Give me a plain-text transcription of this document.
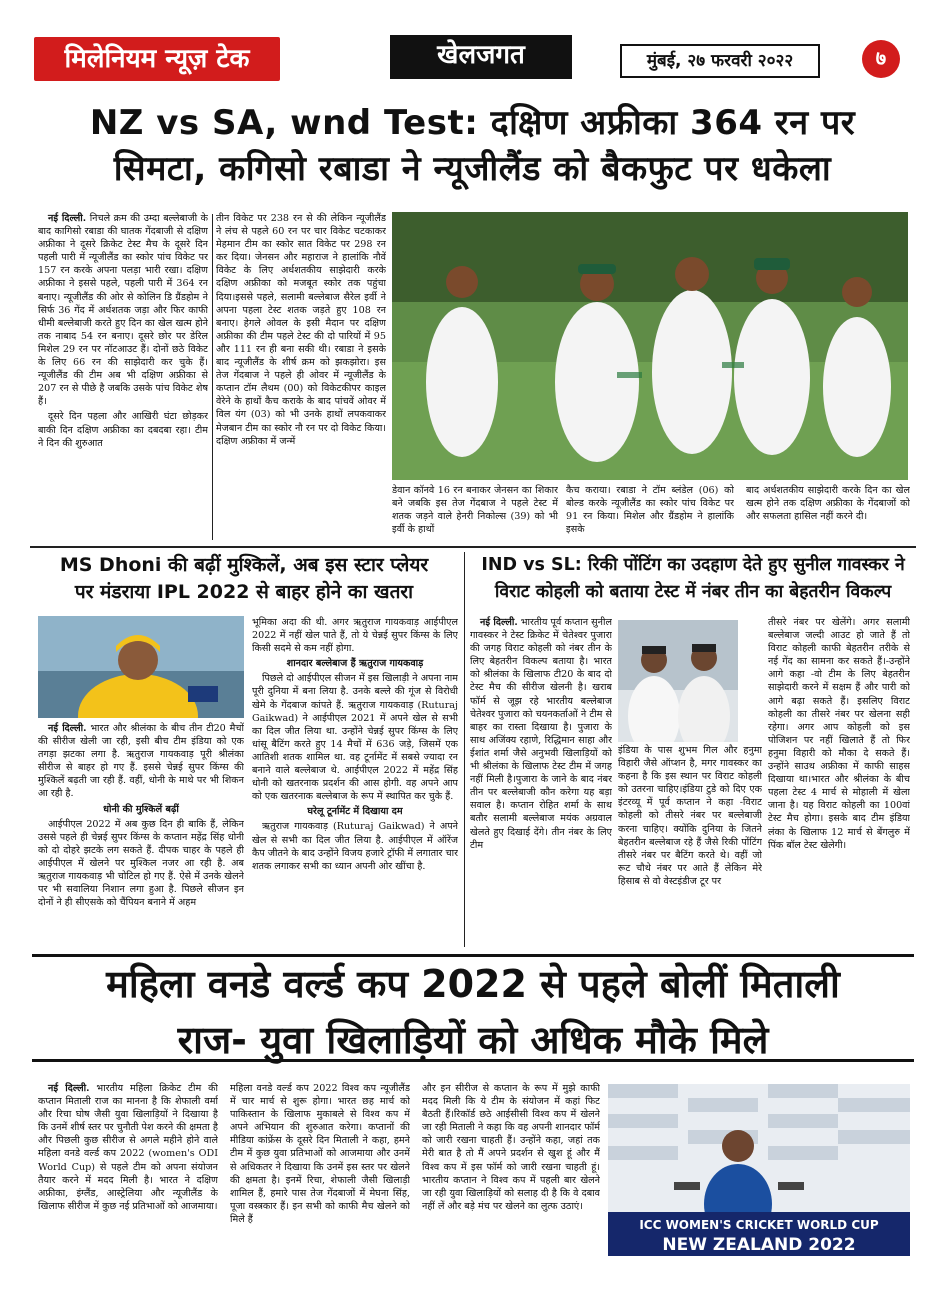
मिलेनियम न्यूज़ टेक	खेलजगत	मुंबई, २७ फरवरी २०२२	७
NZ vs SA, wnd Test: दक्षिण अफ्रीका 364 रन पर
सिमटा, कगिसो रबाडा ने न्यूजीलैंड को बैकफुट पर धकेला

नई दिल्ली. निचले क्रम की उम्दा बल्लेबाजी के बाद कागिसो रबाडा की घातक गेंदबाजी से दक्षिण अफ्रीका ने दूसरे क्रिकेट टेस्ट मैच के दूसरे दिन पहली पारी में न्यूजीलैंड का स्कोर पांच विकेट पर 157 रन करके अपना पलड़ा भारी रखा। दक्षिण अफ्रीका ने इससे पहले, पहली पारी में 364 रन बनाए। न्यूजीलैंड की ओर से कोलिन डि ग्रैंडहोम ने सिर्फ 36 गेंद में अर्धशतक जड़ा और फिर काफी धीमी बल्लेबाजी करते हुए दिन का खेल खत्म होने तक नाबाद 54 रन बनाए। दूसरे छोर पर डेरिल मिशेल 29 रन पर नॉटआउट हैं। दोनों छठे विकेट के लिए 66 रन की साझेदारी कर चुके हैं। न्यूजीलैंड की टीम अब भी दक्षिण अफ्रीका से 207 रन से पीछे है जबकि उसके पांच विकेट शेष हैं।

दूसरे दिन पहला और आखिरी घंटा छोड़कर बाकी दिन दक्षिण अफ्रीका का दबदबा रहा। टीम ने दिन की शुरुआत

तीन विकेट पर 238 रन से की लेकिन न्यूजीलैंड ने लंच से पहले 60 रन पर चार विकेट चटकाकर मेहमान टीम का स्कोर सात विकेट पर 298 रन कर दिया। जेनसन और महाराज ने हालांकि नौवें विकेट के लिए अर्धशतकीय साझेदारी करके दक्षिण अफ्रीका को मजबूत स्कोर तक पहुंचा दिया।इससे पहले, सलामी बल्लेबाज सैरेल इर्वी ने अपना पहला टेस्ट शतक जड़ते हुए 108 रन बनाए। हेगले ओवल के इसी मैदान पर दक्षिण अफ्रीका की टीम पहले टेस्ट की दो पारियों में 95 और 111 रन ही बना सकी थी। रबाडा ने इसके बाद न्यूजीलैंड के शीर्ष क्रम को झकझोरा। इस तेज गेंदबाज ने पहले ही ओवर में न्यूजीलैंड के कप्तान टॉम लैथम (00) को विकेटकीपर काइल वेरेने के हाथों कैच कराके के बाद पांचवें ओवर में विल यंग (03) को भी उनके हाथों लपकवाकर मेजबान टीम का स्कोर नौ रन पर दो विकेट किया। दक्षिण अफ्रीका में जन्में

डेवान कॉनवे 16 रन बनाकर जेनसन का शिकार बने जबकि इस तेज गेंदबाज ने पहले टेस्ट में शतक जड़ने वाले हेनरी निकोल्स (39) को भी इर्वी के हाथों

कैच कराया। रबाडा ने टॉम ब्लंडेल (06) को बोल्ड करके न्यूजीलैंड का स्कोर पांच विकेट पर 91 रन किया। मिशेल और ग्रैंडहोम ने हालांकि इसके

बाद अर्धशतकीय साझेदारी करके दिन का खेल खत्म होने तक दक्षिण अफ्रीका के गेंदबाजों को और सफलता हासिल नहीं करने दी।

MS Dhoni की बढ़ीं मुश्किलें, अब इस स्टार प्लेयर
पर मंडराया IPL 2022 से बाहर होने का खतरा

नई दिल्ली. भारत और श्रीलंका के बीच तीन टी20 मैचों की सीरीज खेली जा रही, इसी बीच टीम इंडिया को एक तगड़ा झटका लगा है. ऋतुराज गायकवाड़ पूरी श्रीलंका सीरीज से बाहर हो गए हैं. इससे चेन्नई सुपर किंग्स की मुश्किलें बढ़ती जा रही हैं. वहीं, धोनी के माथे पर भी शिकन आ रही है.

धोनी की मुश्किलें बढ़ीं

आईपीएल 2022 में अब कुछ दिन ही बाकि हैं, लेकिन उससे पहले ही चेन्नई सुपर किंग्स के कप्तान महेंद्र सिंह धोनी को दो दोहरे झटके लग सकते हैं. दीपक चाहर के पहले ही आईपीएल में खेलने पर मुश्किल नजर आ रही है. अब ऋतुराज गायकवाड़ भी चोटिल हो गए हैं. ऐसे में उनके खेलने पर भी सवालिया निशान लगा हुआ है. पिछले सीजन इन दोनों ने ही सीएसके को चैंपियन बनाने में अहम

भूमिका अदा की थी. अगर ऋतुराज गायकवाड़ आईपीएल 2022 में नहीं खेल पाते हैं, तो ये चेन्नई सुपर किंग्स के लिए किसी सदमे से कम नहीं होगा.

शानदार बल्लेबाज हैं ऋतुराज गायकवाड़

पिछले दो आईपीएल सीजन में इस खिलाड़ी ने अपना नाम पूरी दुनिया में बना लिया है. उनके बल्ले की गूंज से विरोधी खेमे के गेंदबाज कांपते हैं. ऋतुराज गायकवाड़ (Ruturaj Gaikwad) ने आईपीएल 2021 में अपने खेल से सभी का दिल जीत लिया था. उन्होंने चेन्नई सुपर किंग्स के लिए धांसू बैटिंग करते हुए 14 मैचों में 636 जड़े, जिसमें एक आतिशी शतक शामिल था. वह टूर्नामेंट में सबसे ज्यादा रन बनाने वाले बल्लेबाज थे. आईपीएल 2022 में महेंद्र सिंह धोनी को खतरनाक प्रदर्शन की आस होगी. वह अपने आप को एक खतरनाक बल्लेबाज के रूप में स्थापित कर चुके हैं.

घरेलू टूर्नामेंट में दिखाया दम

ऋतुराज गायकवाड़ (Ruturaj Gaikwad) ने अपने खेल से सभी का दिल जीत लिया है. आईपीएल में ऑरेंज कैप जीतने के बाद उन्होंने विजय हजारे ट्रॉफी में लगातार चार शतक लगाकर सभी का ध्यान अपनी ओर खींचा है.

IND vs SL: रिकी पोंटिंग का उदहाण देते हुए सुनील गावस्कर ने
विराट कोहली को बताया टेस्ट में नंबर तीन का बेहतरीन विकल्प

नई दिल्ली. भारतीय पूर्व कप्तान सुनील गावस्कर ने टेस्ट क्रिकेट में चेतेश्वर पुजारा की जगह विराट कोहली को नंबर तीन के लिए बेहतरीन विकल्प बताया है। भारत को श्रीलंका के खिलाफ टी20 के बाद दो टेस्ट मैच की सीरीज खेलनी है। खराब फॉर्म से जूझ रहे भारतीय बल्लेबाज चेतेश्वर पुजारा को चयनकर्ताओं ने टीम से बाहर का रास्ता दिखाया है। पुजारा के साथ अजिंक्य रहाणे, रिद्धिमान साहा और ईशांत शर्मा जैसे अनुभवी खिलाड़ियों को भी श्रीलंका के खिलाफ टेस्ट टीम में जगह नहीं मिली है।पुजारा के जाने के बाद नंबर तीन पर बल्लेबाजी कौन करेगा यह बड़ा सवाल है। कप्तान रोहित शर्मा के साथ बतौर सलामी बल्लेबाज मयंक अग्रवाल खेलते हुए दिखाई देंगे। तीन नंबर के लिए टीम

इंडिया के पास शुभम गिल और हनुमा विहारी जैसे ऑप्शन है, मगर गावस्कर का कहना है कि इस स्थान पर विराट कोहली को उतरना चाहिए।इंडिया टुडे को दिए एक इंटरव्यू में पूर्व कप्तान ने कहा -विराट कोहली को तीसरे नंबर पर बल्लेबाजी करना चाहिए। क्योंकि दुनिया के जितने बेहतरीन बल्लेबाज रहे हैं जैसे रिकी पोंटिंग तीसरे नंबर पर बैटिंग करते थे। वहीं जो रूट चौथे नंबर पर आते हैं लेकिन मेरे हिसाब से वो वेस्टइंडीज टूर पर

तीसरे नंबर पर खेलेंगे। अगर सलामी बल्लेबाज जल्दी आउट हो जाते हैं तो विराट कोहली काफी बेहतरीन तरीके से नई गेंद का सामना कर सकते हैं।-उन्होंने आगे कहा -वो टीम के लिए बेहतरीन साझेदारी करने में सक्षम हैं और पारी को आगे बढ़ा सकते हैं। इसलिए विराट कोहली का तीसरे नंबर पर खेलना सही रहेगा। अगर आप कोहली को इस पोजिशन पर नहीं खिलाते हैं तो फिर हनुमा विहारी को मौका दे सकते हैं। उन्होंने साउथ अफ्रीका में काफी साहस दिखाया था।भारत और श्रीलंका के बीच पहला टेस्ट 4 मार्च से मोहाली में खेला जाना है। यह विराट कोहली का 100वां टेस्ट मैच होगा। इसके बाद टीम इंडिया लंका के खिलाफ 12 मार्च से बेंगलुरु में पिंक बॉल टेस्ट खेलेगी।

महिला वनडे वर्ल्ड कप 2022 से पहले बोलीं मिताली
राज- युवा खिलाड़ियों को अधिक मौके मिले

नई दिल्ली. भारतीय महिला क्रिकेट टीम की कप्तान मिताली राज का मानना है कि शेफाली वर्मा और रिचा घोष जैसी युवा खिलाड़ियों ने दिखाया है कि उनमें शीर्ष स्तर पर चुनौती पेश करने की क्षमता है और पिछली कुछ सीरीज से अगले महीने होने वाले महिला वनडे वर्ल्ड कप 2022 (women's ODI World Cup) से पहले टीम को अपना संयोजन तैयार करने में मदद मिली है। भारत ने दक्षिण अफ्रीका, इंग्लैंड, आस्ट्रेलिया और न्यूजीलैंड के खिलाफ सीरीज में कुछ नई प्रतिभाओं को आजमाया।

महिला वनडे वर्ल्ड कप 2022 विश्व कप न्यूजीलैंड में चार मार्च से शुरू होगा। भारत छह मार्च को पाकिस्तान के खिलाफ मुकाबले से विश्व कप में अपने अभियान की शुरुआत करेगा। कप्तानों की मीडिया कांफ्रेंस के दूसरे दिन मिताली ने कहा, हमने टीम में कुछ युवा प्रतिभाओं को आजमाया और उनमें से अधिकतर ने दिखाया कि उनमें इस स्तर पर खेलने की क्षमता है। इनमें रिचा, शेफाली जैसी खिलाड़ी शामिल हैं, हमारे पास तेज गेंदबाजों में मेघना सिंह, पूजा वस्त्रकार हैं। इन सभी को काफी मैच खेलने को मिले हैं

और इन सीरीज से कप्तान के रूप में मुझे काफी मदद मिली कि ये टीम के संयोजन में कहां फिट बैठती हैं।रिकॉर्ड छठे आईसीसी विश्व कप में खेलने जा रही मिताली ने कहा कि वह अपनी शानदार फॉर्म को जारी रखना चाहती हैं। उन्होंने कहा, जहां तक मेरी बात है तो मैं अपने प्रदर्शन से खुश हूं और मैं विश्व कप में इस फॉर्म को जारी रखना चाहती हूं। भारतीय कप्तान ने विश्व कप में पहली बार खेलने जा रही युवा खिलाड़ियों को सलाह दी है कि वे दबाव नहीं लें और बड़े मंच पर खेलने का लुत्फ उठाएं।

ICC WOMEN'S CRICKET WORLD CUP
NEW ZEALAND 2022
